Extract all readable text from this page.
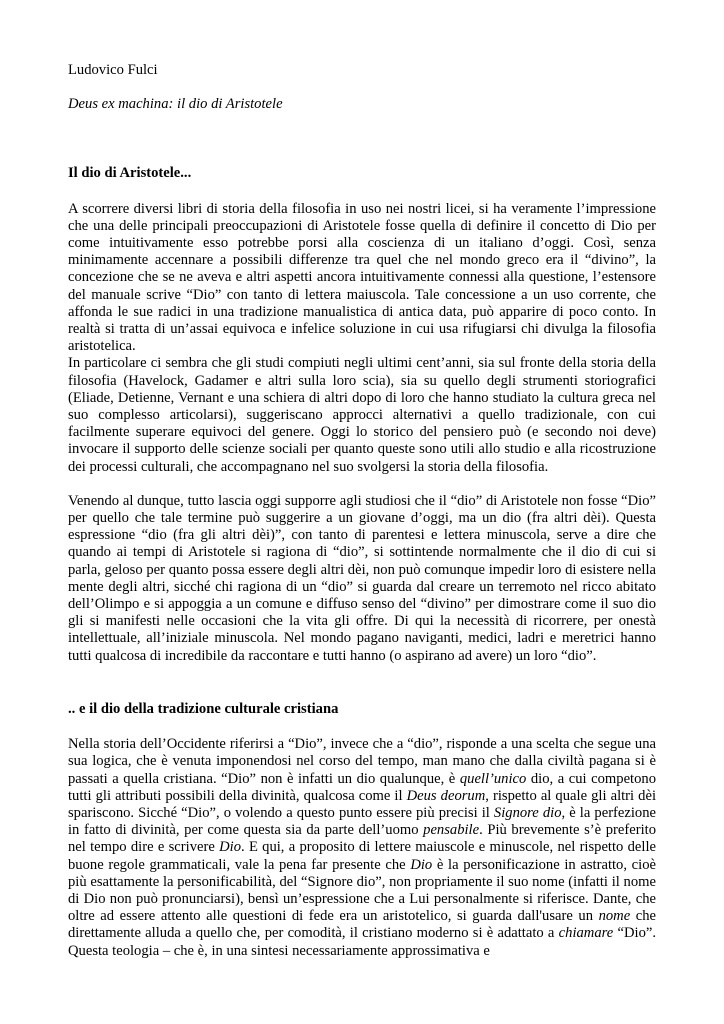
Ludovico Fulci

Deus ex machina: il dio di Aristotele

Il dio di Aristotele...

A scorrere diversi libri di storia della filosofia in uso nei nostri licei, si ha veramente l’impressione che una delle principali preoccupazioni di Aristotele fosse quella di definire il concetto di Dio per come intuitivamente esso potrebbe porsi alla coscienza di un italiano d’oggi. Così, senza minimamente accennare a possibili differenze tra quel che nel mondo greco era il “divino”, la concezione che se ne aveva e altri aspetti ancora intuitivamente connessi alla questione, l’estensore del manuale scrive “Dio” con tanto di lettera maiuscola. Tale concessione a un uso corrente, che affonda le sue radici in una tradizione manualistica di antica data, può apparire di poco conto. In realtà si tratta di un’assai equivoca e infelice soluzione in cui usa rifugiarsi chi divulga la filosofia aristotelica.

In particolare ci sembra che gli studi compiuti negli ultimi cent’anni, sia sul fronte della storia della filosofia (Havelock, Gadamer e altri sulla loro scia), sia su quello degli strumenti storiografici (Eliade, Detienne, Vernant e una schiera di altri dopo di loro che hanno studiato la cultura greca nel suo complesso articolarsi), suggeriscano approcci alternativi a quello tradizionale, con cui facilmente superare equivoci del genere. Oggi lo storico del pensiero può (e secondo noi deve) invocare il supporto delle scienze sociali per quanto queste sono utili allo studio e alla ricostruzione dei processi culturali, che accompagnano nel suo svolgersi la storia della filosofia.

Venendo al dunque, tutto lascia oggi supporre agli studiosi che il “dio” di Aristotele non fosse “Dio” per quello che tale termine può suggerire a un giovane d’oggi, ma un dio (fra altri dèi). Questa espressione “dio (fra gli altri dèi)”, con tanto di parentesi e lettera minuscola, serve a dire che quando ai tempi di Aristotele si ragiona di “dio”, si sottintende normalmente che il dio di cui si parla, geloso per quanto possa essere degli altri dèi, non può comunque impedir loro di esistere nella mente degli altri, sicché chi ragiona di un “dio” si guarda dal creare un terremoto nel ricco abitato dell’Olimpo e si appoggia a un comune e diffuso senso del “divino” per dimostrare come il suo dio gli si manifesti nelle occasioni che la vita gli offre. Di qui la necessità di ricorrere, per onestà intellettuale, all’iniziale minuscola. Nel mondo pagano naviganti, medici, ladri e meretrici hanno tutti qualcosa di incredibile da raccontare e tutti hanno (o aspirano ad avere) un loro “dio”.

.. e il dio della tradizione culturale cristiana

Nella storia dell’Occidente riferirsi a “Dio”, invece che a “dio”, risponde a una scelta che segue una sua logica, che è venuta imponendosi nel corso del tempo, man mano che dalla civiltà pagana si è passati a quella cristiana. “Dio” non è infatti un dio qualunque, è quell’unico dio, a cui competono tutti gli attributi possibili della divinità, qualcosa come il Deus deorum, rispetto al quale gli altri dèi spariscono. Sicché “Dio”, o volendo a questo punto essere più precisi il Signore dio, è la perfezione in fatto di divinità, per come questa sia da parte dell’uomo pensabile. Più brevemente s’è preferito nel tempo dire e scrivere Dio. E qui, a proposito di lettere maiuscole e minuscole, nel rispetto delle buone regole grammaticali, vale la pena far presente che Dio è la personificazione in astratto, cioè più esattamente la personificabilità, del “Signore dio”, non propriamente il suo nome (infatti il nome di Dio non può pronunciarsi), bensì un’espressione che a Lui personalmente si riferisce. Dante, che oltre ad essere attento alle questioni di fede era un aristotelico, si guarda dall'usare un nome che direttamente alluda a quello che, per comodità, il cristiano moderno si è adattato a chiamare “Dio”. Questa teologia – che è, in una sintesi necessariamente approssimativa e
